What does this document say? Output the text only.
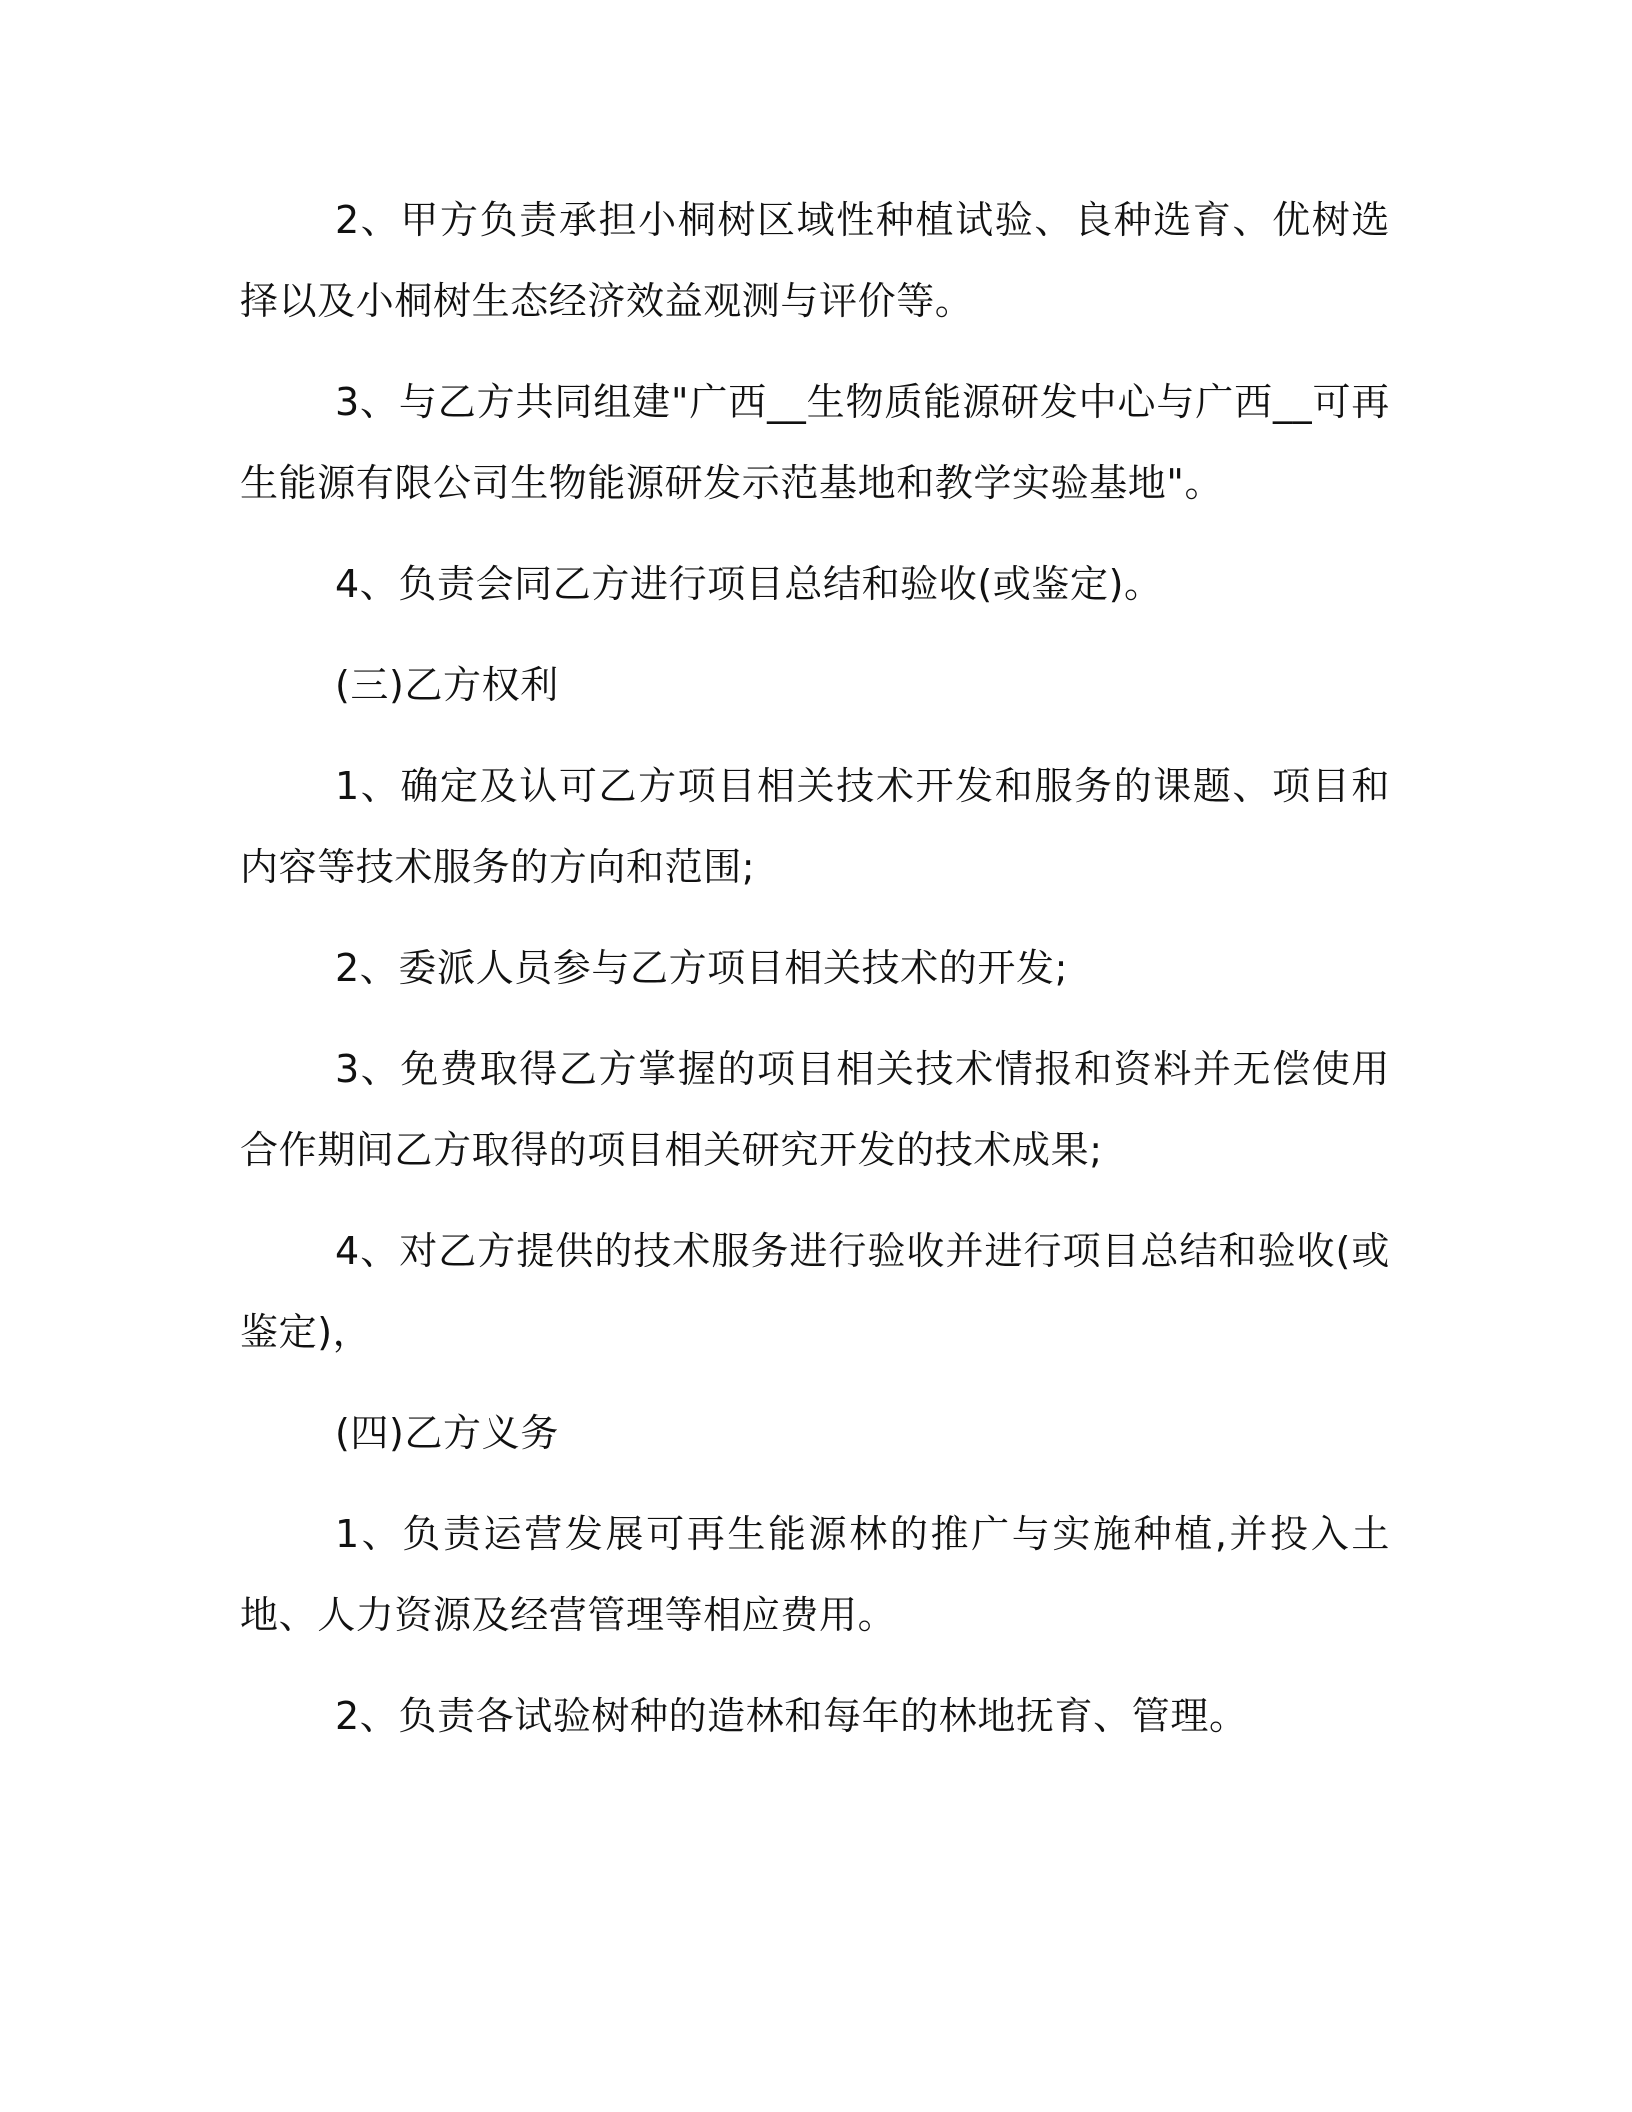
2、甲方负责承担小桐树区域性种植试验、良种选育、优树选择以及小桐树生态经济效益观测与评价等。

3、与乙方共同组建"广西__生物质能源研发中心与广西__可再生能源有限公司生物能源研发示范基地和教学实验基地"。

4、负责会同乙方进行项目总结和验收(或鉴定)。

(三)乙方权利

1、确定及认可乙方项目相关技术开发和服务的课题、项目和内容等技术服务的方向和范围;

2、委派人员参与乙方项目相关技术的开发;

3、免费取得乙方掌握的项目相关技术情报和资料并无偿使用合作期间乙方取得的项目相关研究开发的技术成果;

4、对乙方提供的技术服务进行验收并进行项目总结和验收(或鉴定)，

(四)乙方义务

1、负责运营发展可再生能源林的推广与实施种植,并投入土地、人力资源及经营管理等相应费用。

2、负责各试验树种的造林和每年的林地抚育、管理。
